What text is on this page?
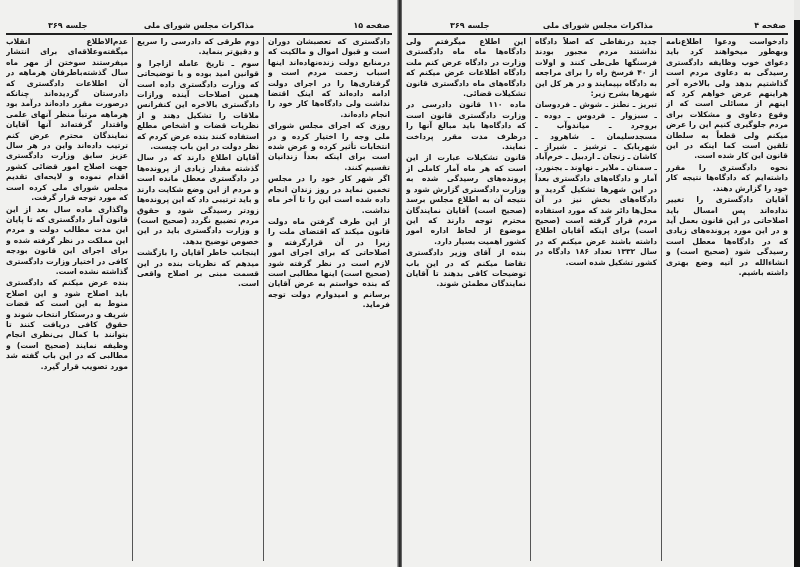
صفحه ۱۵
مذاکرات مجلس شورای ملی
جلسه ۳۶۹

دادگستری که تعصبشان دوران است و قبول اموال و مالکیت که درمنابع دولت زنده‌نهاده‌اند اینها اسباب زحمت مردم است و گرفتاری‌ها را در اجرای دولت ادامه داده‌اند که اینک اقتضا نداشت ولی دادگاه‌ها کار خود را انجام داده‌اند.

روزی که اجرای مجلس شورای ملی وجه را اختیار کرده و در انتخابات تأثیر کرده و عرض شده است برای اینکه بعداً زندانیان تقسیم کنند.

اگر شهر کار خود را در مجلس تخمین نماید در روز زندان انجام داده شده است این را تا آخر ماه نداشت.

از این طرف گرفتن ماه دولت قانون میکند که اقتضای ملت را زیرا در آن قرارگرفته و اصلاحاتی که برای اجرای امور لازم است در نظر گرفته شود (صحیح است) اینها مطالبی است که بنده خواستم به عرض آقایان برسانم و امیدوارم دولت توجه فرماید.

دوم طرقی که دادرسی را سریع و دقیق‌تر بنماید.

سوم ـ تاریخ عامله ازاجرا و قوانین امید بوده و با توضیحاتی که وزارت دادگستری داده است همین اصلاحات آینده ورازات دادگستری بالاخره این کنفرانس ملاقات را تشکیل دهند و از نظریات قضات و اشخاص مطلع استفاده کنند بنده عرض کردم که نظر دولت در این باب چیست.

آقایان اطلاع دارند که در سال گذشته مقدار زیادی از پرونده‌ها در دادگستری معطل مانده است و مردم از این وضع شکایت دارند و باید ترتیبی داد که این پرونده‌ها زودتر رسیدگی شود و حقوق مردم تضییع نگردد (صحیح است) و وزارت دادگستری باید در این خصوص توضیح بدهد.

اینجانب خاطر آقایان را بازگشت میدهم که نظریات بنده در این قسمت مبنی بر اصلاح واقعی است.

عدم‌الاطلاع انقلاب میگفته‌وعلاقه‌ای برای انتشار میفرستند سوختن از مهر ماه سال گذشته‌باطرفان هرماهه در آن اطلاعات دادگستری که دادرستان گردیده‌اند چنانکه درصورت مقرر داده‌اند درآمد بود هرماهه مرتباً منظر آنهای علمی واقتدار گرفته‌اند آنها آقایان نمایندگان محترم عرض کنم ترتیب داده‌اند واین در هر سال عزیز سابق وزارت دادگستری جهت اصلاح امور قضائی کشور اقدام نموده و لایحه‌ای تقدیم مجلس شورای ملی کرده است که مورد توجه قرار گرفت.

واگذاری ماده سال بعد از این قانون آمار دادگستری که تا پایان این مدت مطالب دولت و مردم این مملکت در نظر گرفته شده و برای اجرای این قانون بودجه کافی در اختیار وزارت دادگستری گذاشته نشده است.

بنده عرض میکنم که دادگستری باید اصلاح شود و این اصلاح منوط به این است که قضات شریف و درستکار انتخاب شوند و حقوق کافی دریافت کنند تا بتوانند با کمال بی‌نظری انجام وظیفه نمایند (صحیح است) و مطالبی که در این باب گفته شد مورد تصویب قرار گیرد.

صفحه ۴
مذاکرات مجلس شورای ملی
جلسه ۳۶۹

دادخواست ودعوا اطلاع‌نامه وبهطور میخواهند کرد باید دعوای خوب وظایفه دادگستری رسیدگی به دعاوی مردم است گذاشتیم بدهد ولی بالاخره آخر هراینهم عرض خواهم کرد که اینهم از مسائلی است که از وقوع دعاوی و مشکلات برای مردم جلوگیری کنیم این را عرض میکنم ولی قطعاً به سلطان تلقین است کما اینکه در این قانون این کار شده است.

نحوه دادگستری را مقرر داشته‌ایم که دادگاه‌ها نتیجه کار خود را گزارش دهند.

آقایان دادگستری را تغییر نداده‌اند پس امسال باید اصلاحاتی در این قانون بعمل آید و در این مورد پرونده‌های زیادی که در دادگاه‌ها معطل است رسیدگی شود (صحیح است) و انشاءالله در آتیه وضع بهتری داشته باشیم.

جدید درنقاطی که اصلاً دادگاه نداشتند مردم مجبور بودند فرسنگها طی‌طی کنند و اولات از ۴۰ فرسخ راه را برای مراجعه به دادگاه بپیمایند و در هر کل این شهرها بشرح زیر:

تبریز ـ نطنز ـ شوش ـ فردوسان ـ سبزوار ـ فردوس ـ دوده ـ بروجرد ـ میاندوآب ـ مسجدسلیمان ـ شاهرود ـ شهربابک ـ ترشیز ـ شیراز ـ کاشان ـ زنجان ـ اردبیل ـ خرم‌آباد ـ سمنان ـ ملایر ـ نهاوند ـ بجنورد.

آمار و دادگاه‌های دادگستری بعداً در این شهرها تشکیل گردید و دادگاه‌های بخش نیز در آن محل‌ها دائر شد که مورد استفاده مردم قرار گرفته است (صحیح است) برای اینکه آقایان اطلاع داشته باشند عرض میکنم که در سال ۱۳۳۲ تعداد ۱۸۶ دادگاه در کشور تشکیل شده است.

این اطلاع میگرفتم ولی دادگاه‌ها ماه ماه دادگستری وزارت در دادگاه عرض کنم ملت دادگاه اطلاعات عرض میکنم که دادگاه‌های ماه دادگستری قانون تشکیلات قضائی.

ماده ۱۱۰ قانون دادرسی در وزارت دادگستری قانون است که دادگاه‌ها باید مبالغ آنها را درظرف مدت مقرر پرداخت نمایند.

قانون تشکیلات عبارت از این است که هر ماه آمار کاملی از پرونده‌های رسیدگی شده به وزارت دادگستری گزارش شود و نتیجه آن به اطلاع مجلس برسد (صحیح است) آقایان نمایندگان محترم توجه دارند که این موضوع از لحاظ اداره امور کشور اهمیت بسیار دارد.

بنده از آقای وزیر دادگستری تقاضا میکنم که در این باب توضیحات کافی بدهند تا آقایان نمایندگان مطمئن شوند.
